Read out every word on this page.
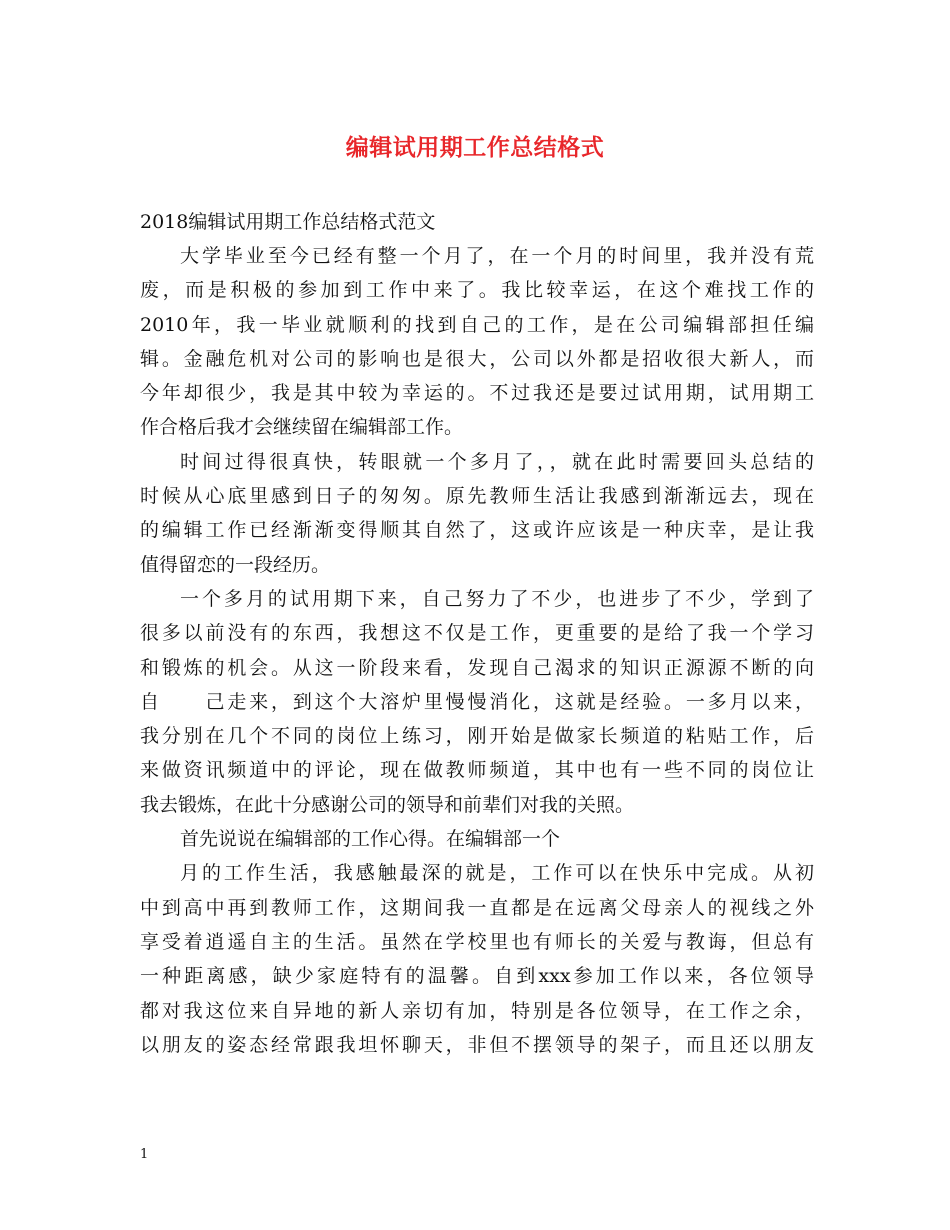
编辑试用期工作总结格式
2018编辑试用期工作总结格式范文
大学毕业至今已经有整一个月了，在一个月的时间里，我并没有荒
废，而是积极的参加到工作中来了。我比较幸运，在这个难找工作的
2010年，我一毕业就顺利的找到自己的工作，是在公司编辑部担任编
辑。金融危机对公司的影响也是很大，公司以外都是招收很大新人，而
今年却很少，我是其中较为幸运的。不过我还是要过试用期，试用期工
作合格后我才会继续留在编辑部工作。
时间过得很真快，转眼就一个多月了，，就在此时需要回头总结的
时候从心底里感到日子的匆匆。原先教师生活让我感到渐渐远去，现在
的编辑工作已经渐渐变得顺其自然了，这或许应该是一种庆幸，是让我
值得留恋的一段经历。
一个多月的试用期下来，自己努力了不少，也进步了不少，学到了
很多以前没有的东西，我想这不仅是工作，更重要的是给了我一个学习
和锻炼的机会。从这一阶段来看，发现自己渴求的知识正源源不断的向
自　　己走来，到这个大溶炉里慢慢消化，这就是经验。一多月以来，
我分别在几个不同的岗位上练习，刚开始是做家长频道的粘贴工作，后
来做资讯频道中的评论，现在做教师频道，其中也有一些不同的岗位让
我去锻炼，在此十分感谢公司的领导和前辈们对我的关照。
首先说说在编辑部的工作心得。在编辑部一个
月的工作生活，我感触最深的就是，工作可以在快乐中完成。从初
中到高中再到教师工作，这期间我一直都是在远离父母亲人的视线之外
享受着逍遥自主的生活。虽然在学校里也有师长的关爱与教诲，但总有
一种距离感，缺少家庭特有的温馨。自到xxx参加工作以来，各位领导
都对我这位来自异地的新人亲切有加，特别是各位领导，在工作之余，
以朋友的姿态经常跟我坦怀聊天，非但不摆领导的架子，而且还以朋友
1
